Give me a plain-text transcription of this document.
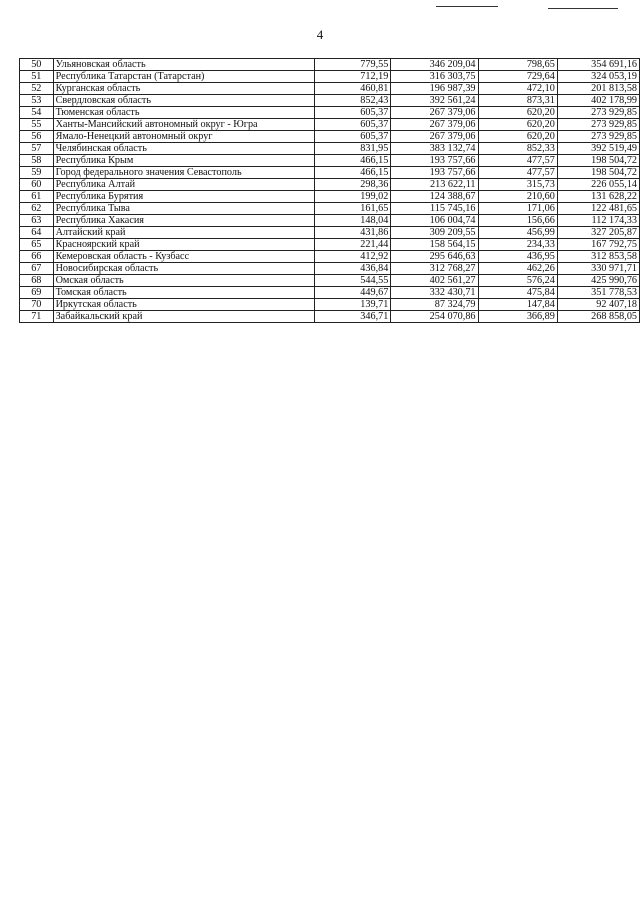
4
50	Ульяновская область	779,55	346 209,04	798,65	354 691,16
51	Республика Татарстан (Татарстан)	712,19	316 303,75	729,64	324 053,19
52	Курганская область	460,81	196 987,39	472,10	201 813,58
53	Свердловская область	852,43	392 561,24	873,31	402 178,99
54	Тюменская область	605,37	267 379,06	620,20	273 929,85
55	Ханты-Мансийский автономный округ - Югра	605,37	267 379,06	620,20	273 929,85
56	Ямало-Ненецкий автономный округ	605,37	267 379,06	620,20	273 929,85
57	Челябинская область	831,95	383 132,74	852,33	392 519,49
58	Республика Крым	466,15	193 757,66	477,57	198 504,72
59	Город федерального значения Севастополь	466,15	193 757,66	477,57	198 504,72
60	Республика Алтай	298,36	213 622,11	315,73	226 055,14
61	Республика Бурятия	199,02	124 388,67	210,60	131 628,22
62	Республика Тыва	161,65	115 745,16	171,06	122 481,65
63	Республика Хакасия	148,04	106 004,74	156,66	112 174,33
64	Алтайский край	431,86	309 209,55	456,99	327 205,87
65	Красноярский край	221,44	158 564,15	234,33	167 792,75
66	Кемеровская область - Кузбасс	412,92	295 646,63	436,95	312 853,58
67	Новосибирская область	436,84	312 768,27	462,26	330 971,71
68	Омская область	544,55	402 561,27	576,24	425 990,76
69	Томская область	449,67	332 430,71	475,84	351 778,53
70	Иркутская область	139,71	87 324,79	147,84	92 407,18
71	Забайкальский край	346,71	254 070,86	366,89	268 858,05
